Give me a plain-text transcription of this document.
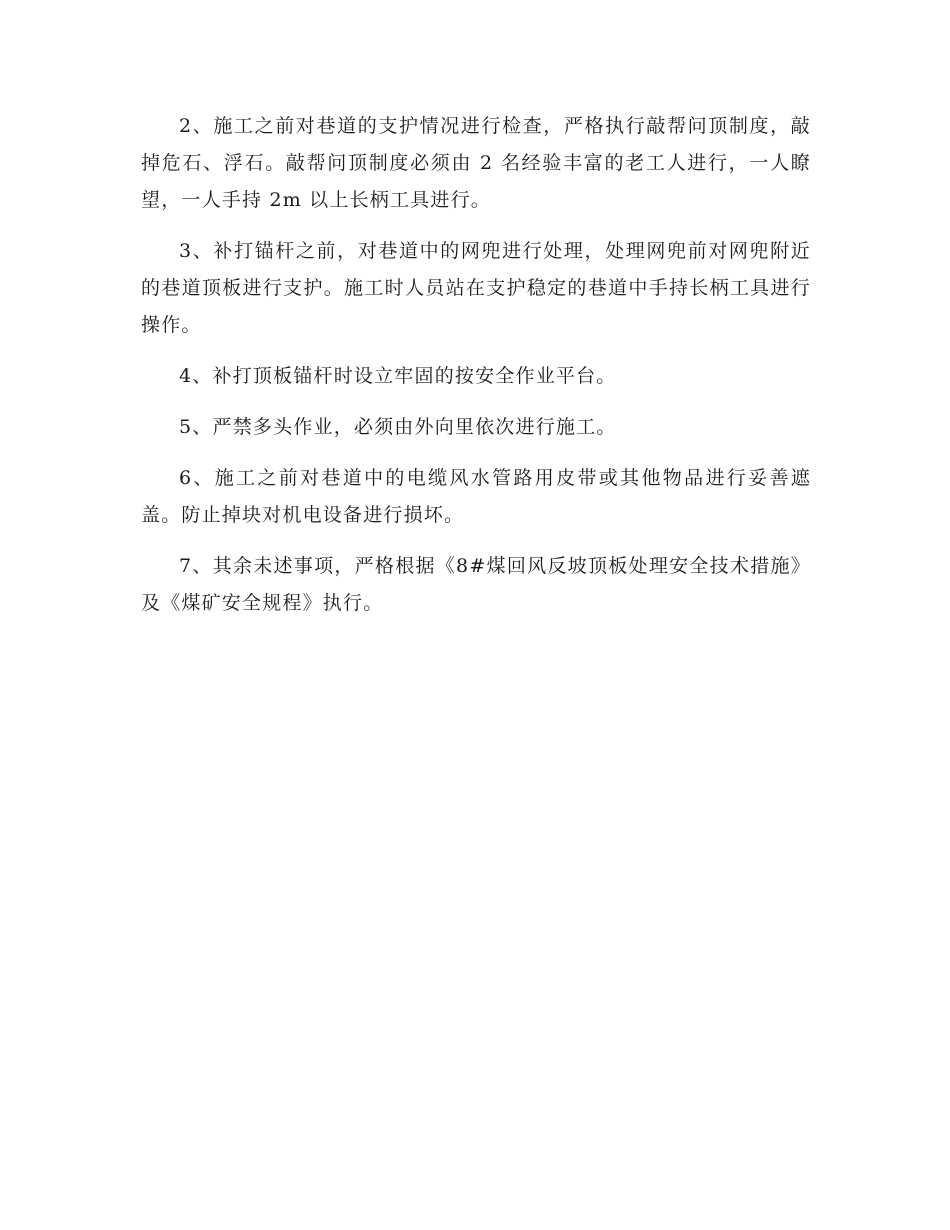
2、施工之前对巷道的支护情况进行检查，严格执行敲帮问顶制度，敲掉危石、浮石。敲帮问顶制度必须由 2 名经验丰富的老工人进行，一人瞭望，一人手持 2m 以上长柄工具进行。

3、补打锚杆之前，对巷道中的网兜进行处理，处理网兜前对网兜附近的巷道顶板进行支护。施工时人员站在支护稳定的巷道中手持长柄工具进行操作。

4、补打顶板锚杆时设立牢固的按安全作业平台。

5、严禁多头作业，必须由外向里依次进行施工。

6、施工之前对巷道中的电缆风水管路用皮带或其他物品进行妥善遮盖。防止掉块对机电设备进行损坏。

7、其余未述事项，严格根据《8#煤回风反坡顶板处理安全技术措施》及《煤矿安全规程》执行。
